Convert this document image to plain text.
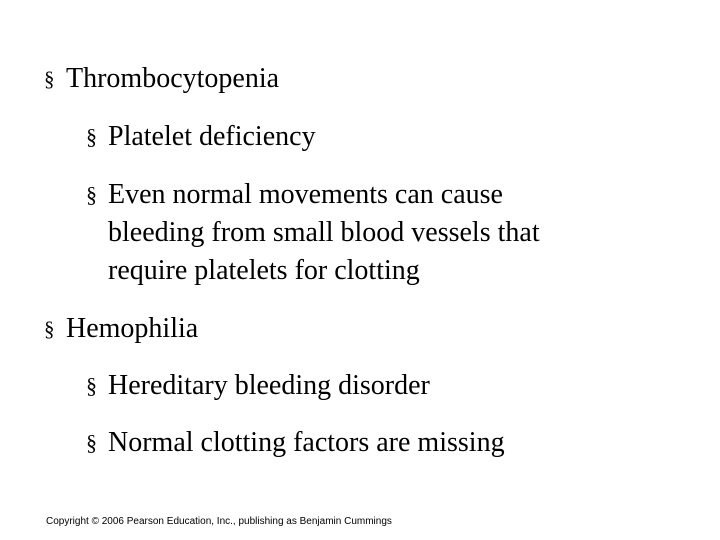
§ Thrombocytopenia
§ Platelet deficiency
§ Even normal movements can cause
bleeding from small blood vessels that
require platelets for clotting
§ Hemophilia
§ Hereditary bleeding disorder
§ Normal clotting factors are missing
Copyright © 2006 Pearson Education, Inc., publishing as Benjamin Cummings
